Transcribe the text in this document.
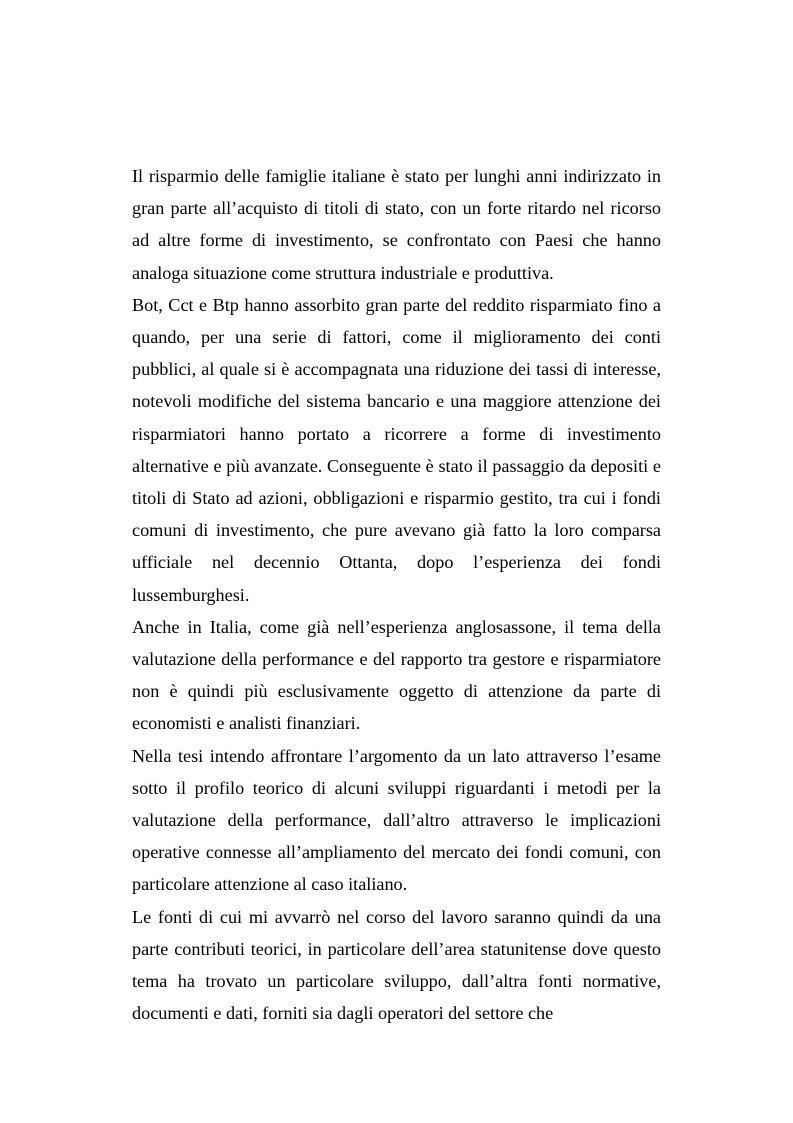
Il risparmio delle famiglie italiane è stato per lunghi anni indirizzato in gran parte all’acquisto di titoli di stato, con un forte ritardo nel ricorso ad altre forme di investimento, se confrontato con Paesi che hanno analoga situazione come struttura industriale e produttiva.

Bot, Cct e Btp hanno assorbito gran parte del reddito risparmiato fino a quando, per una serie di fattori, come il miglioramento dei conti pubblici, al quale si è accompagnata una riduzione dei tassi di interesse, notevoli modifiche del sistema bancario e una maggiore attenzione dei risparmiatori hanno portato a ricorrere a forme di investimento alternative e più avanzate. Conseguente è stato il passaggio da depositi e titoli di Stato ad azioni, obbligazioni e risparmio gestito, tra cui i fondi comuni di investimento, che pure avevano già fatto la loro comparsa ufficiale nel decennio Ottanta, dopo l’esperienza dei fondi lussemburghesi.

Anche in Italia, come già nell’esperienza anglosassone, il tema della valutazione della performance e del rapporto tra gestore e risparmiatore non è quindi più esclusivamente oggetto di attenzione da parte di economisti e analisti finanziari.

Nella tesi intendo affrontare l’argomento da un lato attraverso l’esame sotto il profilo teorico di alcuni sviluppi riguardanti i metodi per la valutazione della performance, dall’altro attraverso le implicazioni operative connesse all’ampliamento del mercato dei fondi comuni, con particolare attenzione al caso italiano.

Le fonti di cui mi avvarrò nel corso del lavoro saranno quindi da una parte contributi teorici, in particolare dell’area statunitense dove questo tema ha trovato un particolare sviluppo, dall’altra fonti normative, documenti e dati, forniti sia dagli operatori del settore che
